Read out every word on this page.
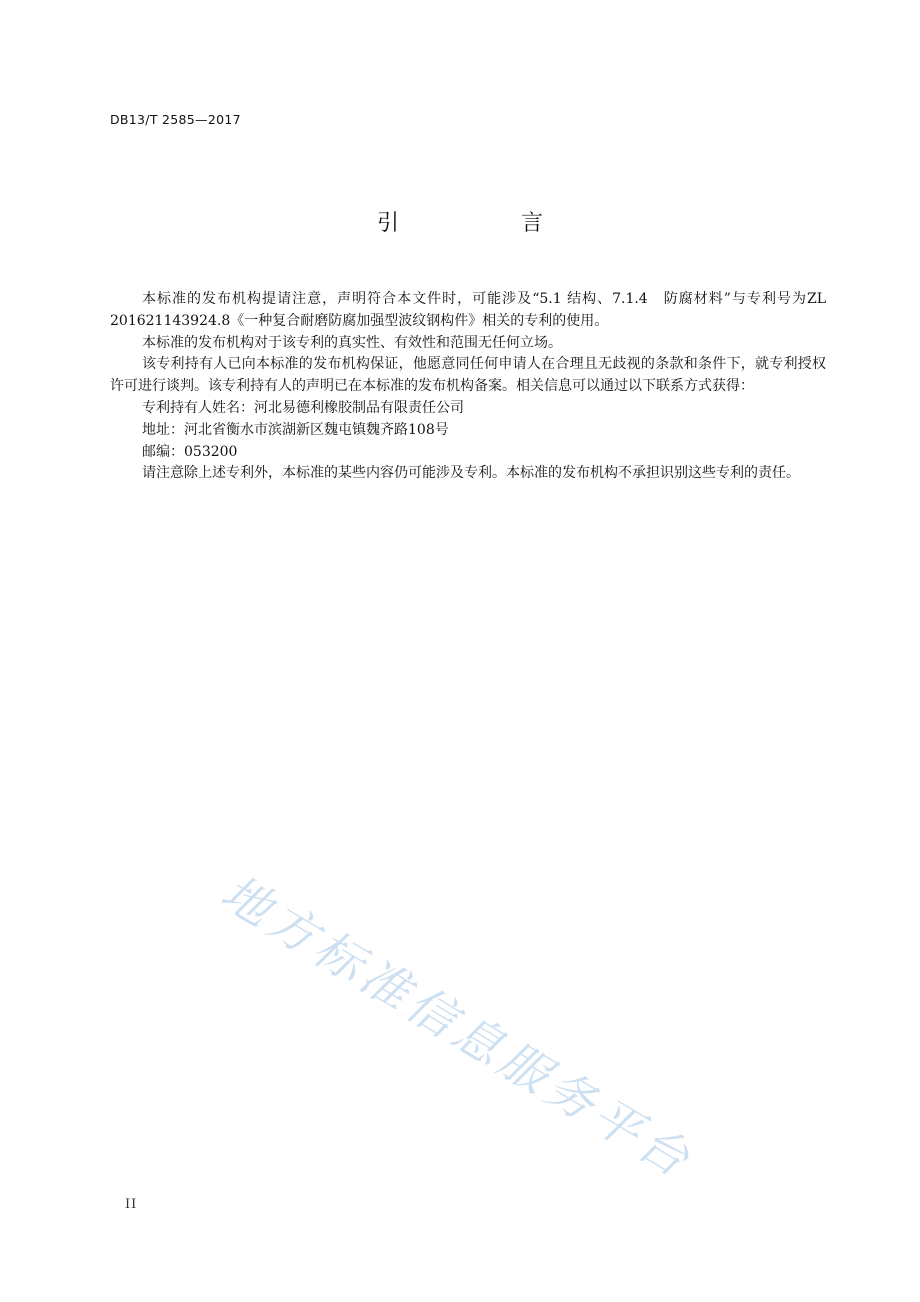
DB13/T 2585—2017
引　言

本标准的发布机构提请注意，声明符合本文件时，可能涉及“5.1 结构、7.1.4　防腐材料”与专利号为ZL 201621143924.8《一种复合耐磨防腐加强型波纹钢构件》相关的专利的使用。

本标准的发布机构对于该专利的真实性、有效性和范围无任何立场。

该专利持有人已向本标准的发布机构保证，他愿意同任何申请人在合理且无歧视的条款和条件下，就专利授权许可进行谈判。该专利持有人的声明已在本标准的发布机构备案。相关信息可以通过以下联系方式获得：

专利持有人姓名：河北易德利橡胶制品有限责任公司

地址：河北省衡水市滨湖新区魏屯镇魏齐路108号

邮编：053200

请注意除上述专利外，本标准的某些内容仍可能涉及专利。本标准的发布机构不承担识别这些专利的责任。

地方标准信息服务平台
II
